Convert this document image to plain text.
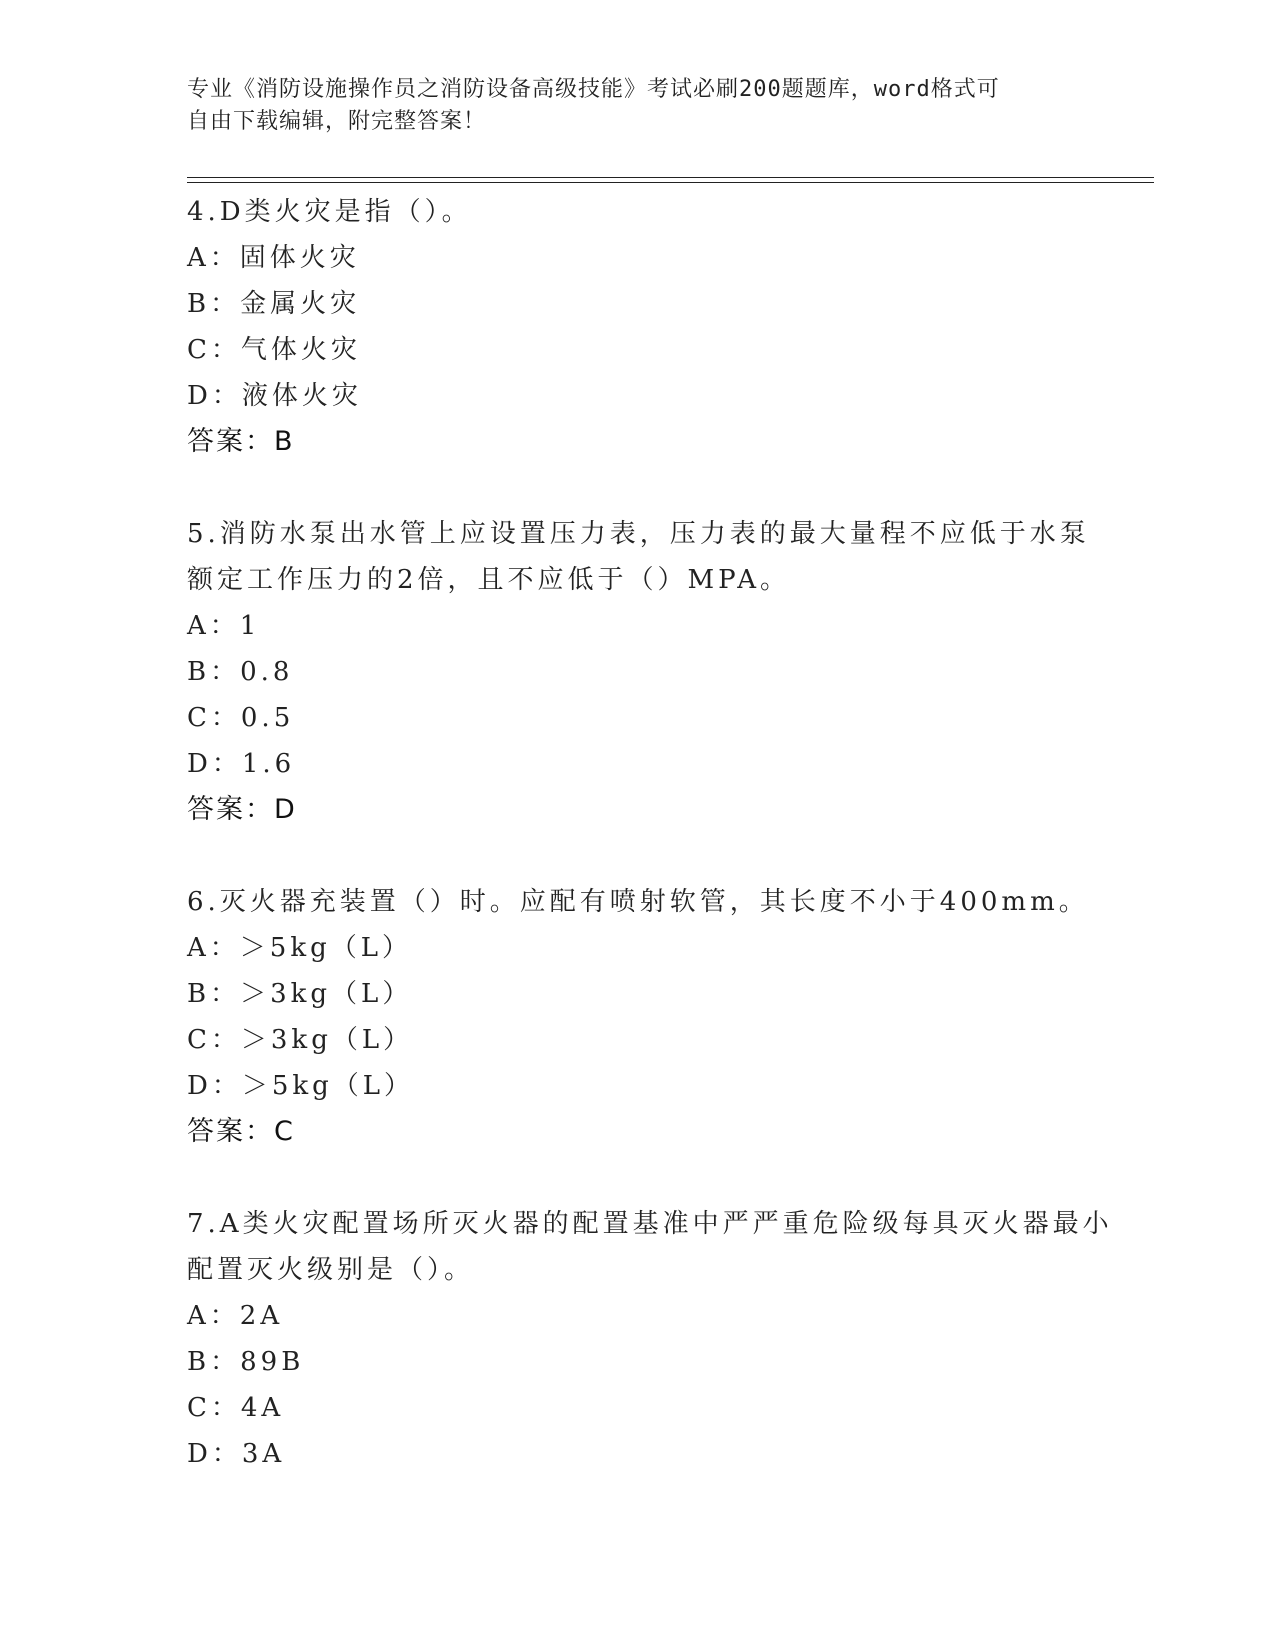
专业《消防设施操作员之消防设备高级技能》考试必刷200题题库，word格式可
自由下载编辑，附完整答案！
4.D类火灾是指（）。
A：固体火灾
B：金属火灾
C：气体火灾
D：液体火灾
答案：B
5.消防水泵出水管上应设置压力表，压力表的最大量程不应低于水泵
额定工作压力的2倍，且不应低于（）MPA。
A：1
B：0.8
C：0.5
D：1.6
答案：D
6.灭火器充装置（）时。应配有喷射软管，其长度不小于400mm。
A：＞5kg（L）
B：＞3kg（L）
C：＞3kg（L）
D：＞5kg（L）
答案：C
7.A类火灾配置场所灭火器的配置基准中严严重危险级每具灭火器最小
配置灭火级别是（）。
A：2A
B：89B
C：4A
D：3A
